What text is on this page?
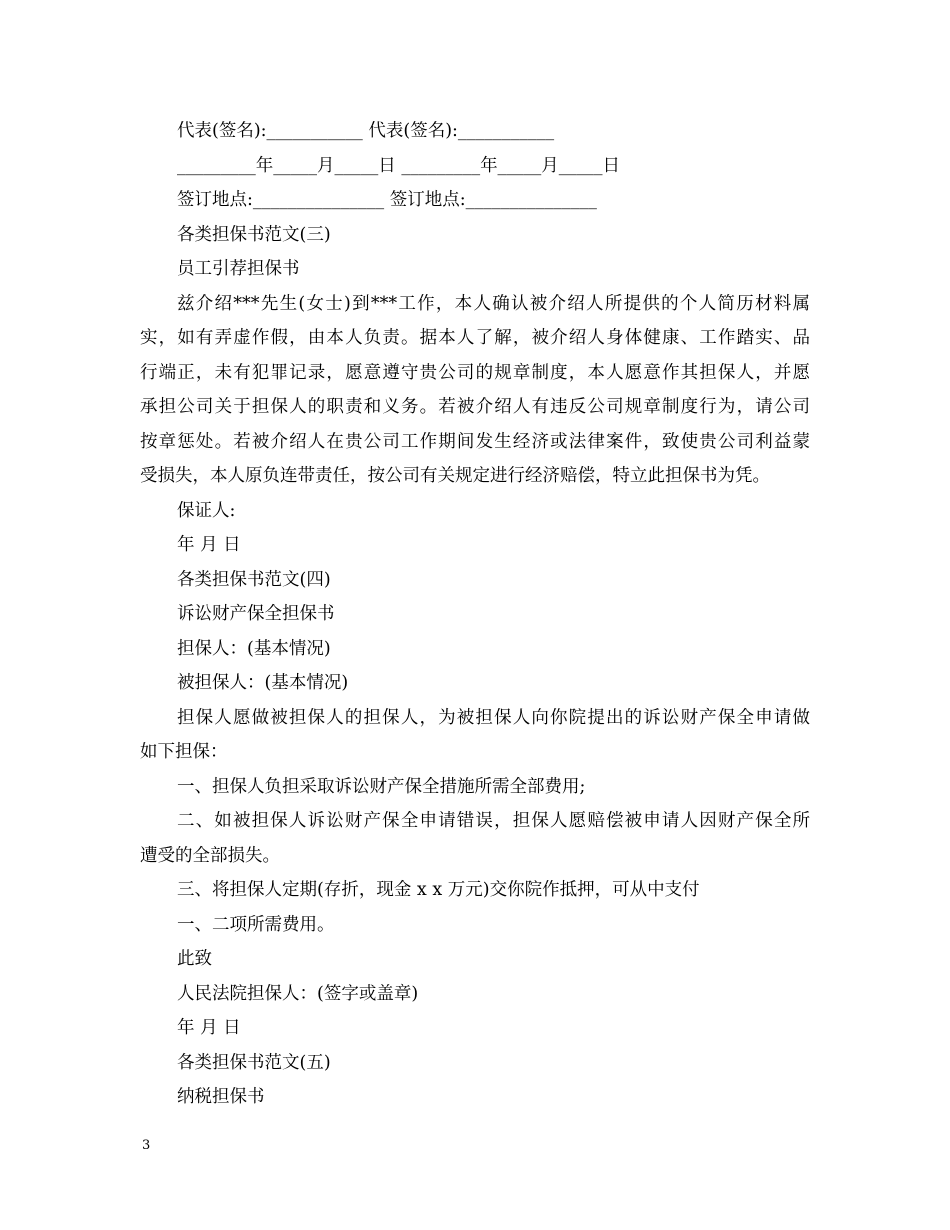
代表(签名):___________ 代表(签名):___________
_________年_____月_____日 _________年_____月_____日
签订地点:_______________ 签订地点:_______________
各类担保书范文(三)
员工引荐担保书
兹介绍***先生(女士)到***工作，本人确认被介绍人所提供的个人简历材料属
实，如有弄虚作假，由本人负责。据本人了解，被介绍人身体健康、工作踏实、品
行端正，未有犯罪记录，愿意遵守贵公司的规章制度，本人愿意作其担保人，并愿
承担公司关于担保人的职责和义务。若被介绍人有违反公司规章制度行为，请公司
按章惩处。若被介绍人在贵公司工作期间发生经济或法律案件，致使贵公司利益蒙
受损失，本人原负连带责任，按公司有关规定进行经济赔偿，特立此担保书为凭。
保证人:
年 月 日
各类担保书范文(四)
诉讼财产保全担保书
担保人：(基本情况)
被担保人：(基本情况)
担保人愿做被担保人的担保人，为被担保人向你院提出的诉讼财产保全申请做
如下担保：
一、担保人负担采取诉讼财产保全措施所需全部费用;
二、如被担保人诉讼财产保全申请错误，担保人愿赔偿被申请人因财产保全所
遭受的全部损失。
三、将担保人定期(存折，现金 x x 万元)交你院作抵押，可从中支付
一、二项所需费用。
此致
人民法院担保人：(签字或盖章)
年 月 日
各类担保书范文(五)
纳税担保书
3
